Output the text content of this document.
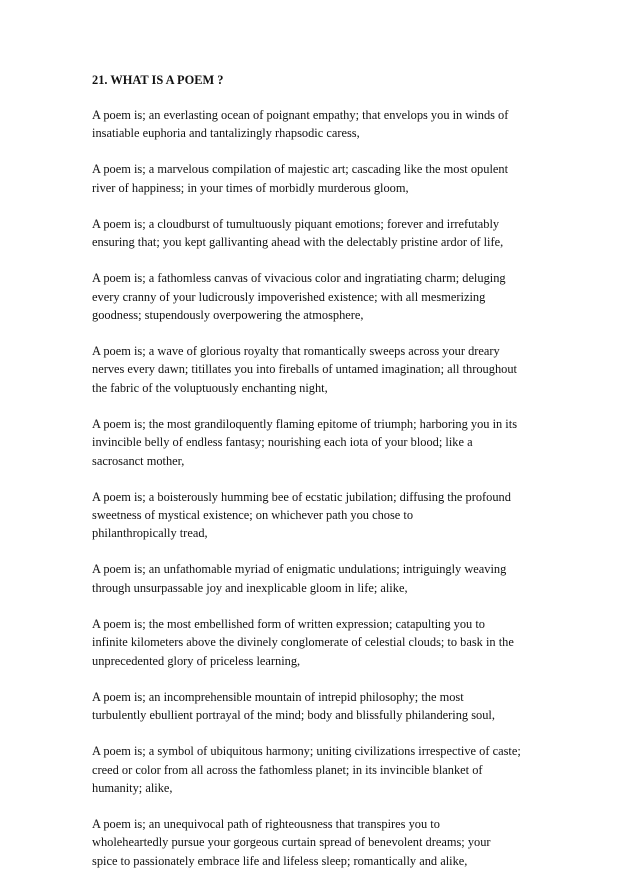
21. WHAT IS A POEM ?
A poem is; an everlasting ocean of poignant empathy; that envelops you in winds of
insatiable euphoria and tantalizingly rhapsodic caress,
A poem is; a marvelous compilation of majestic art; cascading like the most opulent
river of happiness; in your times of morbidly murderous gloom,
A poem is; a cloudburst of tumultuously piquant emotions; forever and irrefutably
ensuring that; you kept gallivanting ahead with the delectably pristine ardor of life,
A poem is; a fathomless canvas of vivacious color and ingratiating charm; deluging
every cranny of your ludicrously impoverished existence; with all mesmerizing
goodness; stupendously overpowering the atmosphere,
A poem is; a wave of glorious royalty that romantically sweeps across your dreary
nerves every dawn; titillates you into fireballs of untamed imagination; all throughout
the fabric of the voluptuously enchanting night,
A poem is; the most grandiloquently flaming epitome of triumph; harboring you in its
invincible belly of endless fantasy; nourishing each iota of your blood; like a
sacrosanct mother,
A poem is; a boisterously humming bee of ecstatic jubilation; diffusing the profound
sweetness of mystical existence; on whichever path you chose to
philanthropically tread,
A poem is; an unfathomable myriad of enigmatic undulations; intriguingly weaving
through unsurpassable joy and inexplicable gloom in life; alike,
A poem is; the most embellished form of written expression; catapulting you to
infinite kilometers above the divinely conglomerate of celestial clouds; to bask in the
unprecedented glory of priceless learning,
A poem is; an incomprehensible mountain of intrepid philosophy; the most
turbulently ebullient portrayal of the mind; body and blissfully philandering soul,
A poem is; a symbol of ubiquitous harmony; uniting civilizations irrespective of caste;
creed or color from all across the fathomless planet; in its invincible blanket of
humanity; alike,
A poem is; an unequivocal path of righteousness that transpires you to
wholeheartedly pursue your gorgeous curtain spread of benevolent dreams; your
spice to passionately embrace life and lifeless sleep; romantically and alike,
